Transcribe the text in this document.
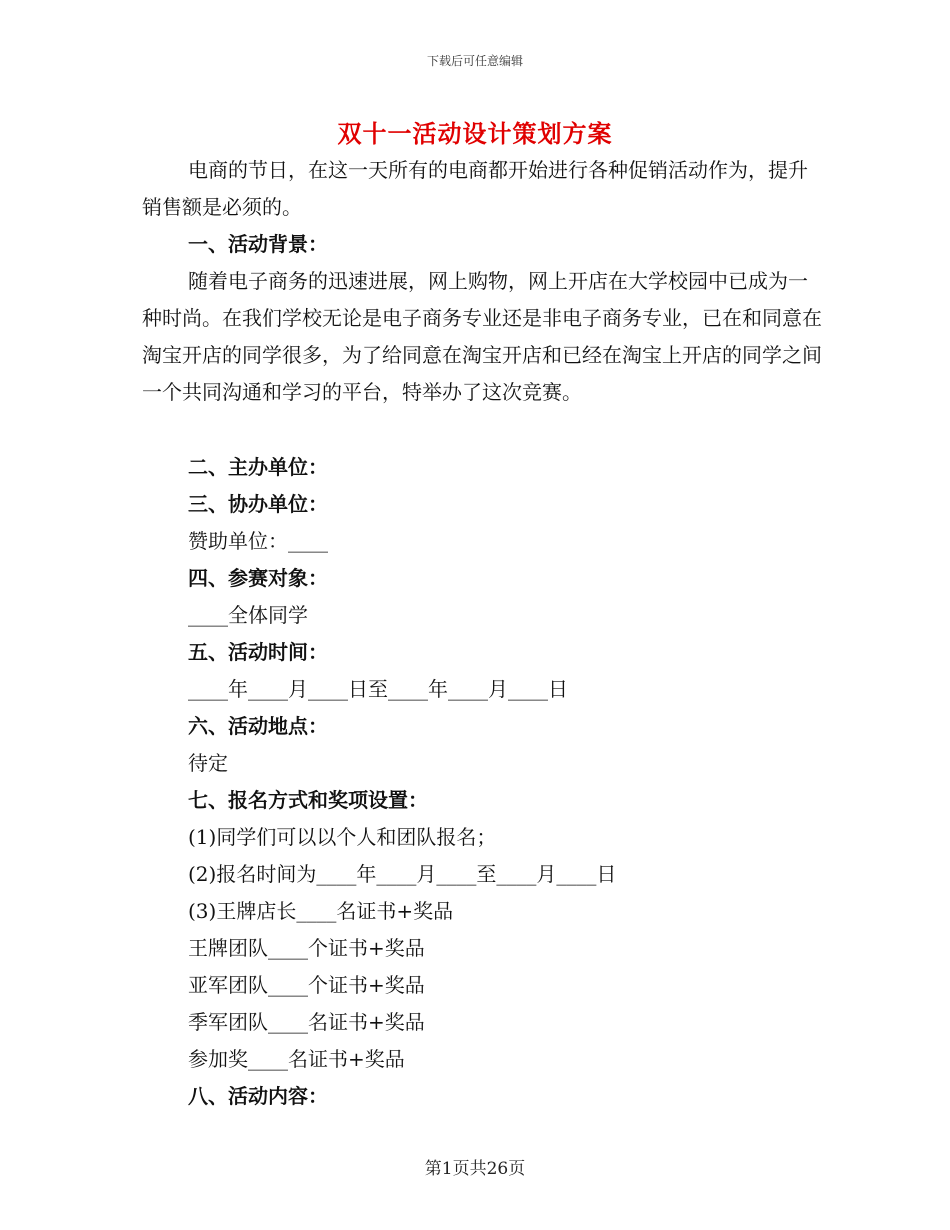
下载后可任意编辑
双十一活动设计策划方案

电商的节日，在这一天所有的电商都开始进行各种促销活动作为，提升销售额是必须的。

一、活动背景：

随着电子商务的迅速进展，网上购物，网上开店在大学校园中已成为一种时尚。在我们学校无论是电子商务专业还是非电子商务专业，已在和同意在淘宝开店的同学很多，为了给同意在淘宝开店和已经在淘宝上开店的同学之间一个共同沟通和学习的平台，特举办了这次竞赛。

二、主办单位：

三、协办单位：

赞助单位：____

四、参赛对象：

____全体同学

五、活动时间：

____年____月____日至____年____月____日

六、活动地点：

待定

七、报名方式和奖项设置：

(1)同学们可以以个人和团队报名；

(2)报名时间为____年____月____至____月____日

(3)王牌店长____名证书+奖品

王牌团队____个证书+奖品

亚军团队____个证书+奖品

季军团队____名证书+奖品

参加奖____名证书+奖品

八、活动内容：

第1页共26页
